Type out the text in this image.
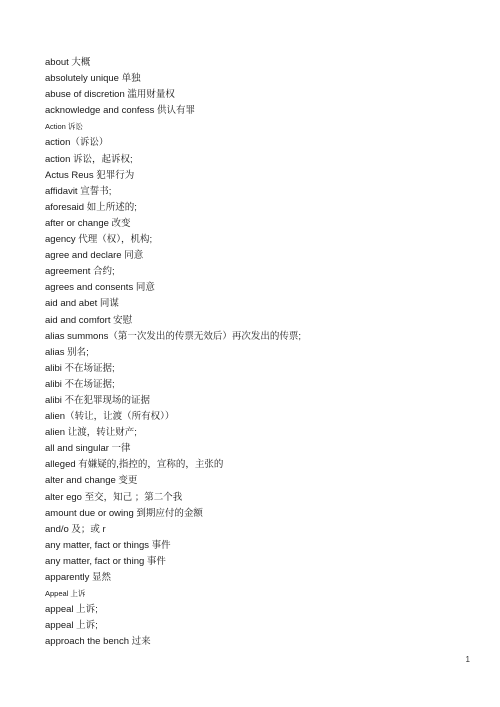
about 大概
absolutely unique 单独
abuse of discretion 滥用财量权
acknowledge and confess 供认有罪
Action 诉讼
action（诉讼）
action 诉讼，起诉权;
Actus Reus 犯罪行为
affidavit 宣誓书;
aforesaid 如上所述的;
after or change 改变
agency 代理（权），机构;
agree and declare 同意
agreement 合约;
agrees and consents 同意
aid and abet 同谋
aid and comfort 安慰
alias summons（第一次发出的传票无效后）再次发出的传票;
alias 别名;
alibi 不在场证据;
alibi 不在场证据;
alibi 不在犯罪现场的证据
alien（转让，让渡（所有权））
alien 让渡，转让财产;
all and singular 一律
alleged 有嫌疑的,指控的，宣称的，主张的
alter and change 变更
alter ego 至交，知己 ；第二个我
amount due or owing 到期应付的金额
and/o 及；或 r
any matter, fact or things 事件
any matter, fact or thing 事件
apparently 显然
Appeal 上诉
appeal 上诉;
appeal 上诉;
approach the bench 过来
1
